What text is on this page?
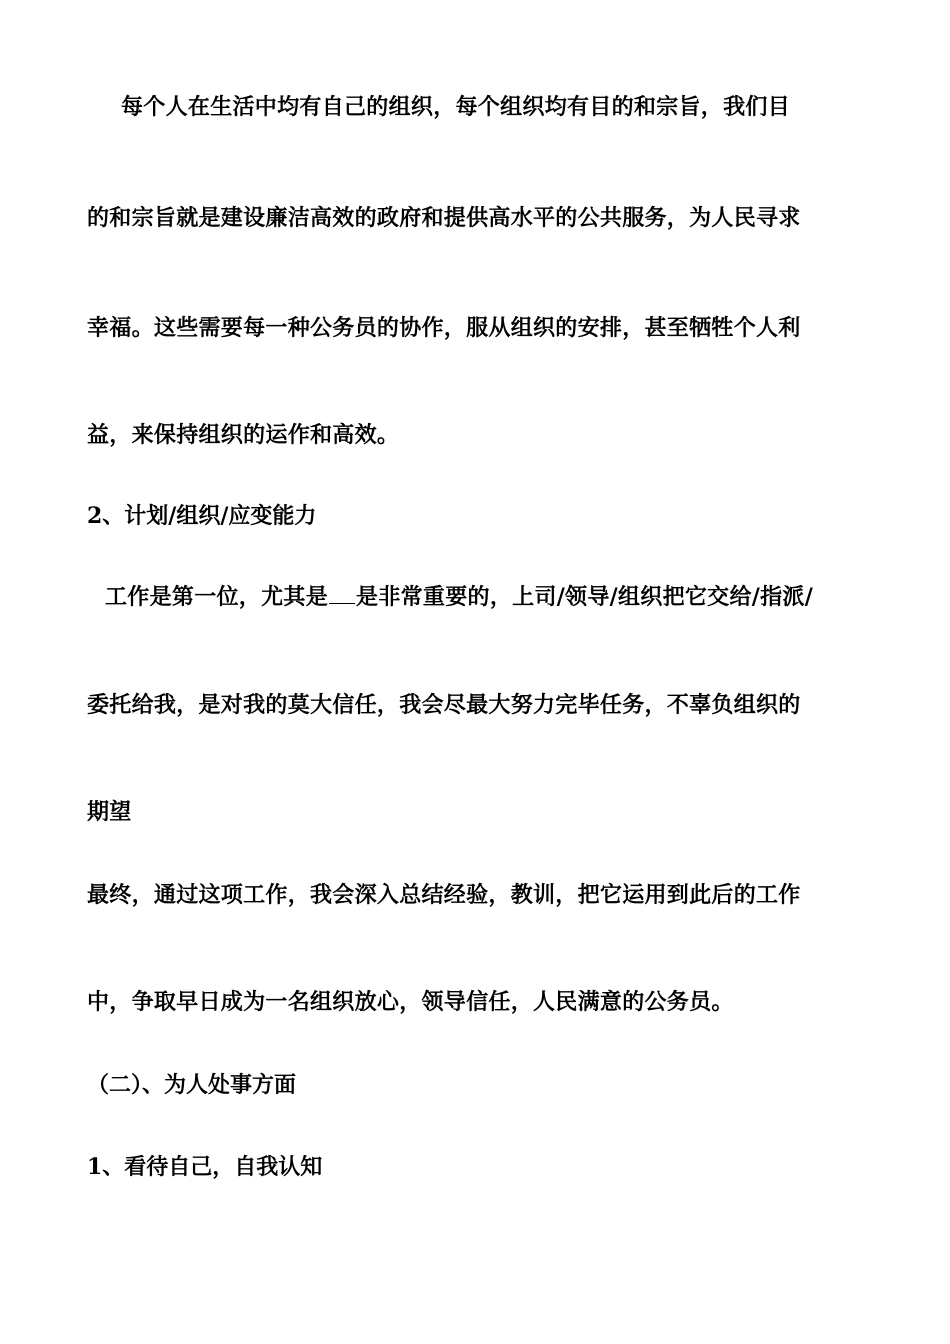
每个人在生活中均有自己的组织，每个组织均有目的和宗旨，我们目
的和宗旨就是建设廉洁高效的政府和提供高水平的公共服务，为人民寻求
幸福。这些需要每一种公务员的协作，服从组织的安排，甚至牺牲个人利
益，来保持组织的运作和高效。
2、计划/组织/应变能力
工作是第一位，尤其是 是非常重要的，上司/领导/组织把它交给/指派/
委托给我，是对我的莫大信任，我会尽最大努力完毕任务，不辜负组织的
期望
最终，通过这项工作，我会深入总结经验，教训，把它运用到此后的工作
中，争取早日成为一名组织放心，领导信任，人民满意的公务员。
（二）、为人处事方面
1、看待自己，自我认知
